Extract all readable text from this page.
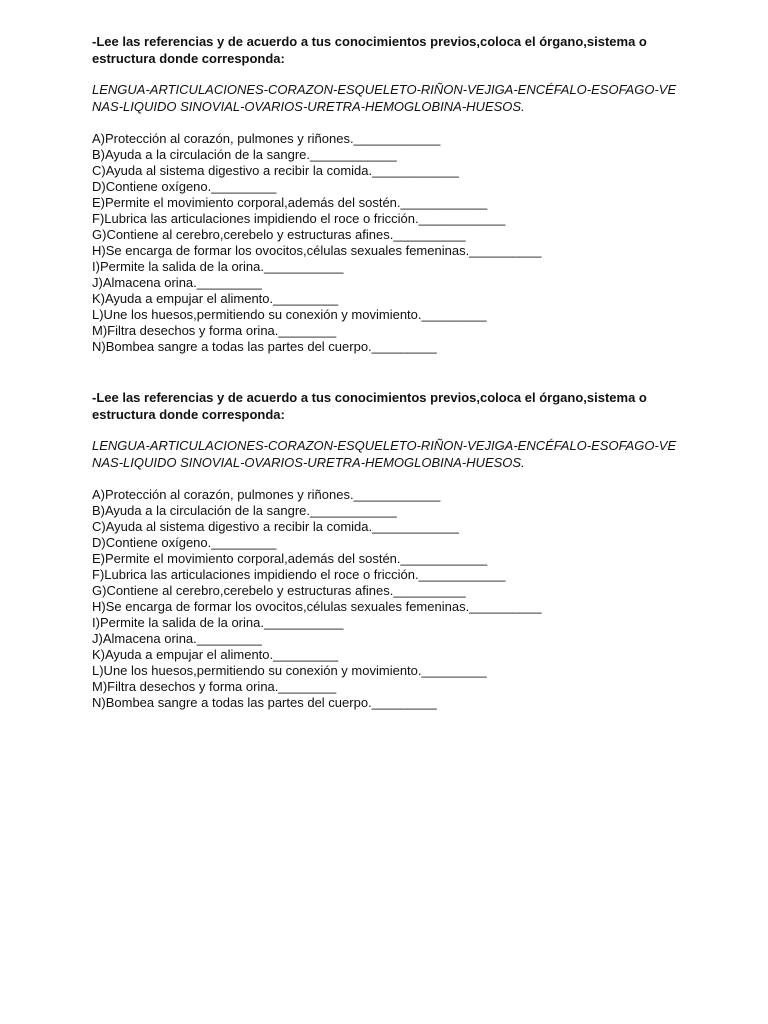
-Lee las referencias y de acuerdo a tus conocimientos previos,coloca el órgano,sistema o
estructura donde corresponda:

LENGUA-ARTICULACIONES-CORAZON-ESQUELETO-RIÑON-VEJIGA-ENCÉFALO-ESOFAGO-VE
NAS-LIQUIDO SINOVIAL-OVARIOS-URETRA-HEMOGLOBINA-HUESOS.

A)Protección al corazón, pulmones y riñones.____________
B)Ayuda a la circulación de la sangre.____________
C)Ayuda al sistema digestivo a recibir la comida.____________
D)Contiene oxígeno._________
E)Permite el movimiento corporal,además del sostén.____________
F)Lubrica las articulaciones impidiendo el roce o fricción.____________
G)Contiene al cerebro,cerebelo y estructuras afines.__________
H)Se encarga de formar los ovocitos,células sexuales femeninas.__________
I)Permite la salida de la orina.___________
J)Almacena orina._________
K)Ayuda a empujar el alimento._________
L)Une los huesos,permitiendo su conexión y movimiento._________
M)Filtra desechos y forma orina.________
N)Bombea sangre a todas las partes del cuerpo._________

-Lee las referencias y de acuerdo a tus conocimientos previos,coloca el órgano,sistema o
estructura donde corresponda:

LENGUA-ARTICULACIONES-CORAZON-ESQUELETO-RIÑON-VEJIGA-ENCÉFALO-ESOFAGO-VE
NAS-LIQUIDO SINOVIAL-OVARIOS-URETRA-HEMOGLOBINA-HUESOS.

A)Protección al corazón, pulmones y riñones.____________
B)Ayuda a la circulación de la sangre.____________
C)Ayuda al sistema digestivo a recibir la comida.____________
D)Contiene oxígeno._________
E)Permite el movimiento corporal,además del sostén.____________
F)Lubrica las articulaciones impidiendo el roce o fricción.____________
G)Contiene al cerebro,cerebelo y estructuras afines.__________
H)Se encarga de formar los ovocitos,células sexuales femeninas.__________
I)Permite la salida de la orina.___________
J)Almacena orina._________
K)Ayuda a empujar el alimento._________
L)Une los huesos,permitiendo su conexión y movimiento._________
M)Filtra desechos y forma orina.________
N)Bombea sangre a todas las partes del cuerpo._________
